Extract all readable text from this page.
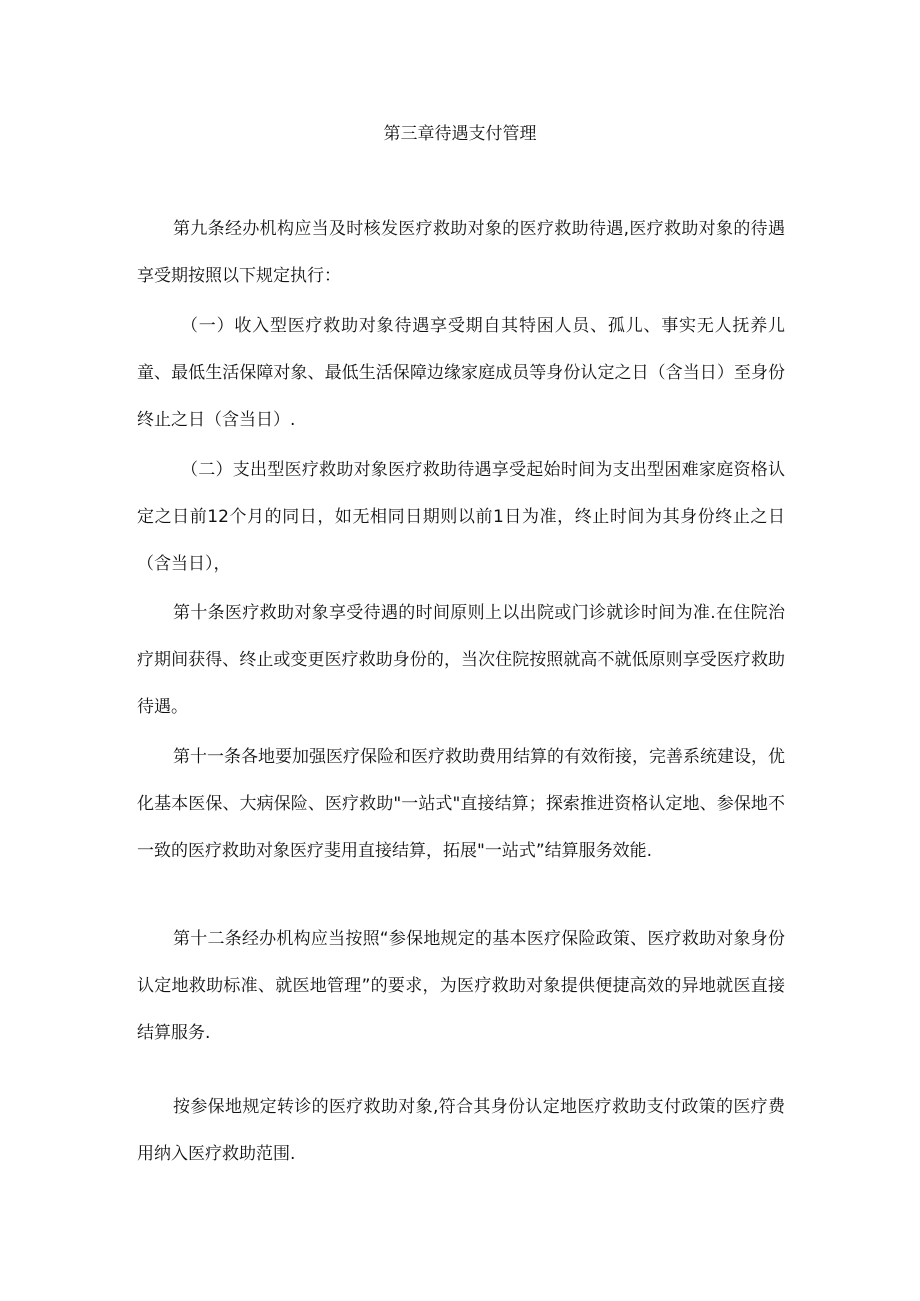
第三章待遇支付管理
第九条经办机构应当及时核发医疗救助对象的医疗救助待遇,医疗救助对象的待遇享受期按照以下规定执行：
（一）收入型医疗救助对象待遇享受期自其特困人员、孤儿、事实无人抚养儿童、最低生活保障对象、最低生活保障边缘家庭成员等身份认定之日（含当日）至身份终止之日（含当日）.
（二）支出型医疗救助对象医疗救助待遇享受起始时间为支出型困难家庭资格认定之日前12个月的同日，如无相同日期则以前1日为准，终止时间为其身份终止之日（含当日），
第十条医疗救助对象享受待遇的时间原则上以出院或门诊就诊时间为准.在住院治疗期间获得、终止或变更医疗救助身份的，当次住院按照就高不就低原则享受医疗救助待遇。
第十一条各地要加强医疗保险和医疗救助费用结算的有效衔接，完善系统建设，优化基本医保、大病保险、医疗救助"一站式"直接结算；探索推进资格认定地、参保地不一致的医疗救助对象医疗斐用直接结算，拓展"一站式”结算服务效能.
第十二条经办机构应当按照“参保地规定的基本医疗保险政策、医疗救助对象身份认定地救助标准、就医地管理”的要求，为医疗救助对象提供便捷高效的异地就医直接结算服务.
按参保地规定转诊的医疗救助对象,符合其身份认定地医疗救助支付政策的医疗费用纳入医疗救助范围.
